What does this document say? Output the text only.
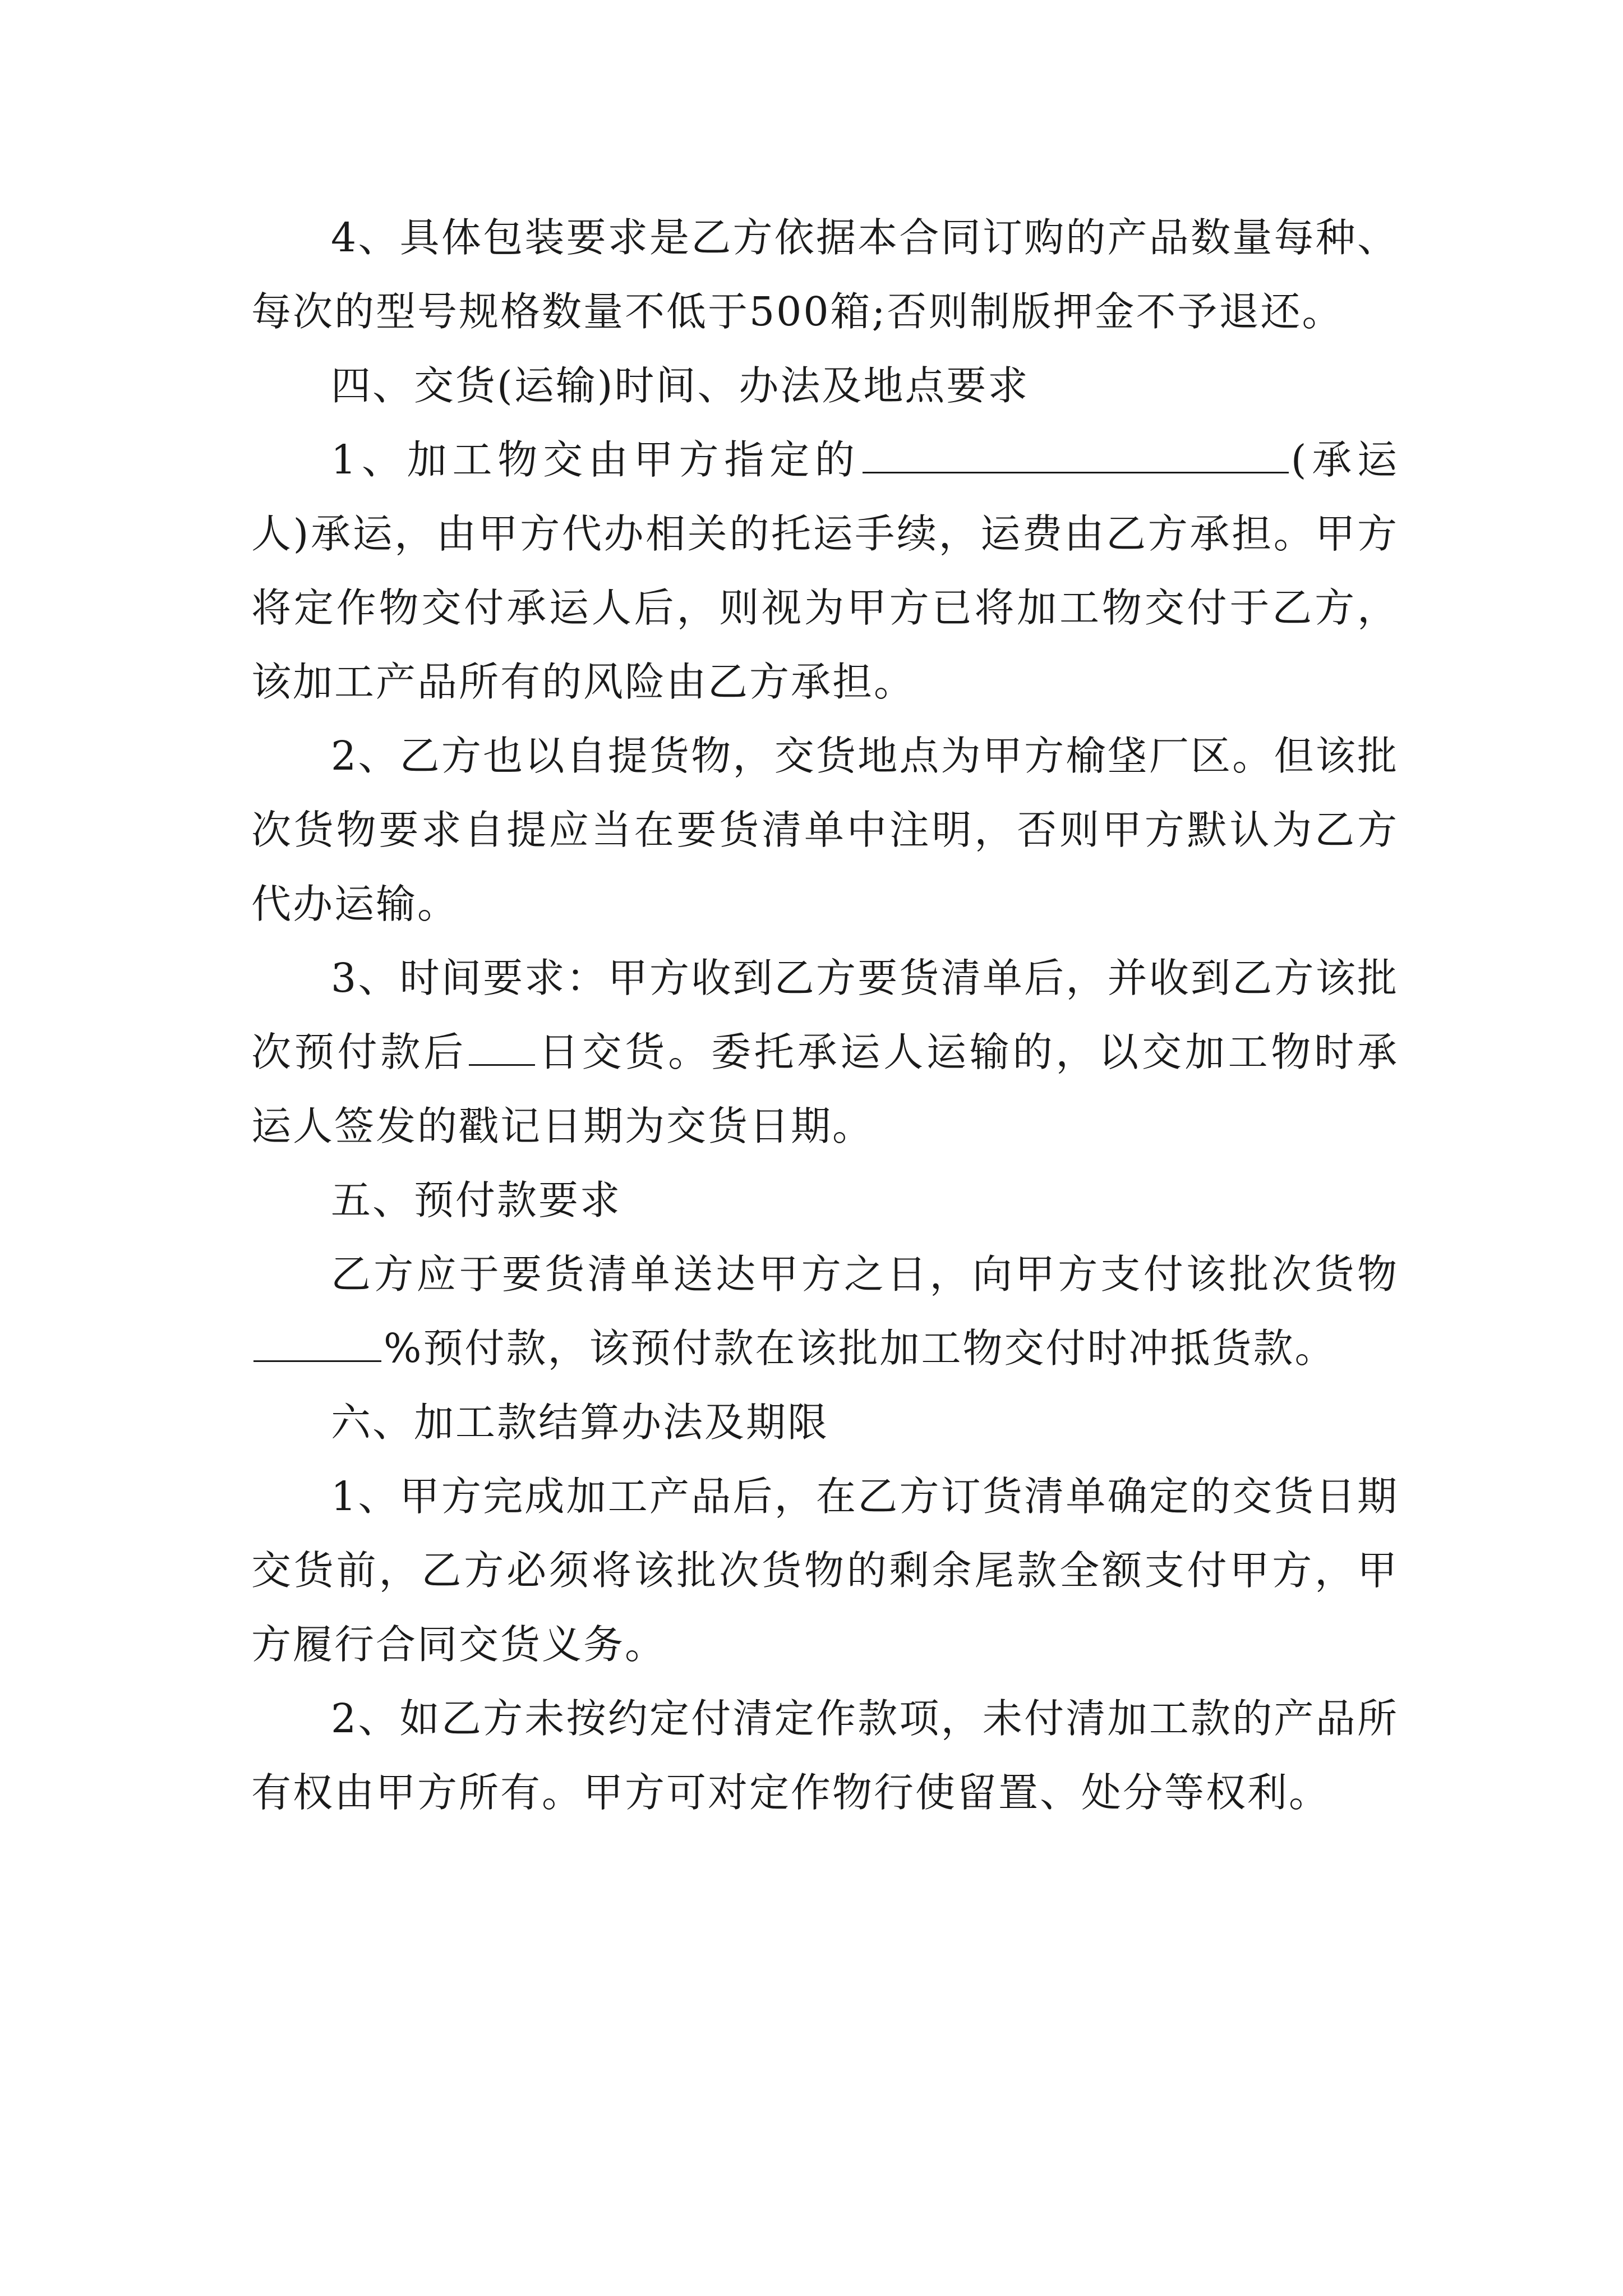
4、具体包装要求是乙方依据本合同订购的产品数量每种、每次的型号规格数量不低于500箱;否则制版押金不予退还。

四、交货(运输)时间、办法及地点要求

1、加工物交由甲方指定的	(承运人)承运，由甲方代办相关的托运手续，运费由乙方承担。甲方将定作物交付承运人后，则视为甲方已将加工物交付于乙方，该加工产品所有的风险由乙方承担。

2、乙方也以自提货物，交货地点为甲方榆垡厂区。但该批次货物要求自提应当在要货清单中注明，否则甲方默认为乙方代办运输。

3、时间要求：甲方收到乙方要货清单后，并收到乙方该批次预付款后 日交货。委托承运人运输的，以交加工物时承运人签发的戳记日期为交货日期。

五、预付款要求

乙方应于要货清单送达甲方之日，向甲方支付该批次货物%预付款，该预付款在该批加工物交付时冲抵货款。

六、加工款结算办法及期限

1、甲方完成加工产品后，在乙方订货清单确定的交货日期交货前，乙方必须将该批次货物的剩余尾款全额支付甲方，甲方履行合同交货义务。

2、如乙方未按约定付清定作款项，未付清加工款的产品所有权由甲方所有。甲方可对定作物行使留置、处分等权利。
